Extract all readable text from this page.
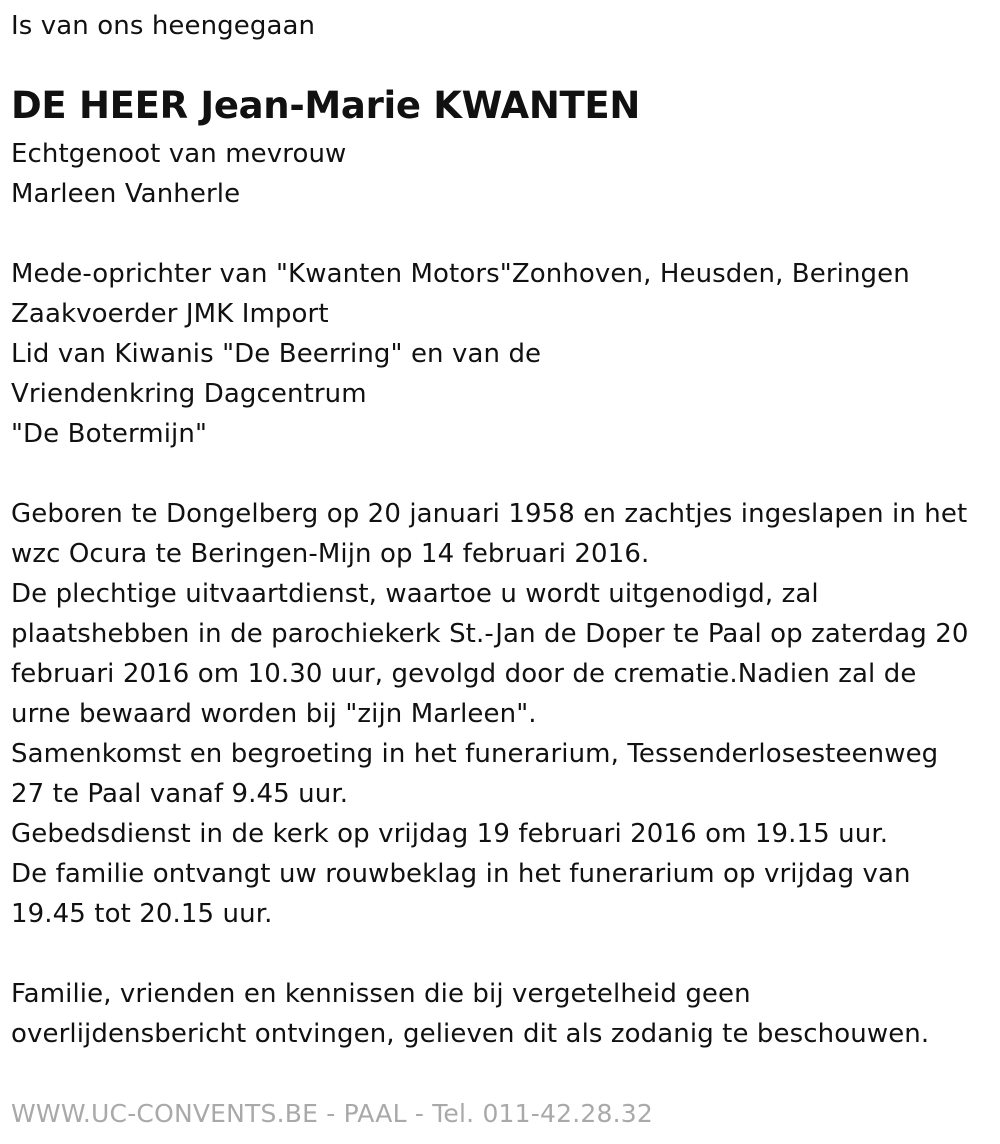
Is van ons heengegaan
DE HEER Jean-Marie KWANTEN
Echtgenoot van mevrouw
Marleen Vanherle
Mede-oprichter van "Kwanten Motors"Zonhoven, Heusden, Beringen
Zaakvoerder JMK Import
Lid van Kiwanis "De Beerring" en van de
Vriendenkring Dagcentrum
"De Botermijn"
Geboren te Dongelberg op 20 januari 1958 en zachtjes ingeslapen in het
wzc Ocura te Beringen-Mijn op 14 februari 2016.
De plechtige uitvaartdienst, waartoe u wordt uitgenodigd, zal
plaatshebben in de parochiekerk St.-Jan de Doper te Paal op zaterdag 20
februari 2016 om 10.30 uur, gevolgd door de crematie.Nadien zal de
urne bewaard worden bij "zijn Marleen".
Samenkomst en begroeting in het funerarium, Tessenderlosesteenweg
27 te Paal vanaf 9.45 uur.
Gebedsdienst in de kerk op vrijdag 19 februari 2016 om 19.15 uur.
De familie ontvangt uw rouwbeklag in het funerarium op vrijdag van
19.45 tot 20.15 uur.
Familie, vrienden en kennissen die bij vergetelheid geen
overlijdensbericht ontvingen, gelieven dit als zodanig te beschouwen.
WWW.UC-CONVENTS.BE - PAAL - Tel. 011-42.28.32
